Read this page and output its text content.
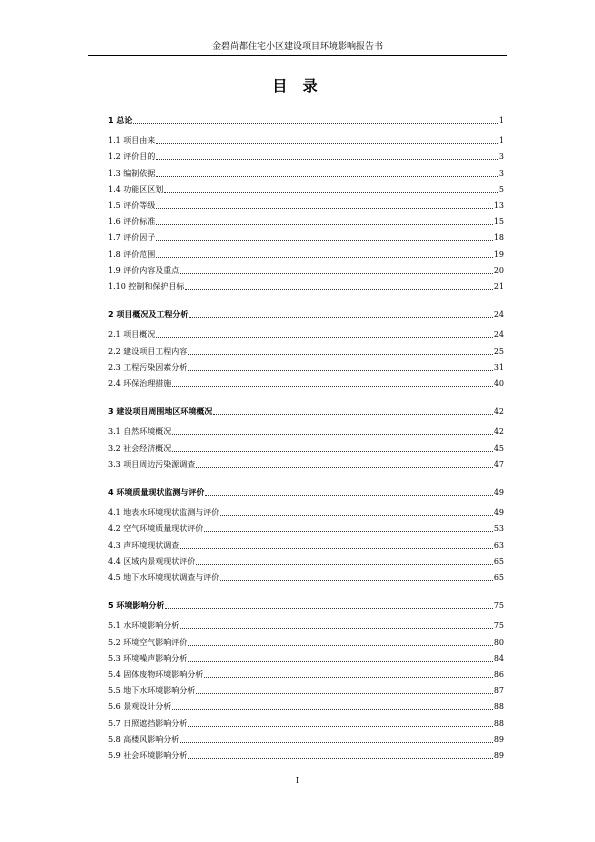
金碧尚都住宅小区建设项目环境影响报告书
目 录
1 总论	1
1.1 项目由来	1
1.2 评价目的	3
1.3 编制依据	3
1.4 功能区区划	5
1.5 评价等级	13
1.6 评价标准	15
1.7 评价因子	18
1.8 评价范围	19
1.9 评价内容及重点	20
1.10 控制和保护目标	21
2 项目概况及工程分析	24
2.1 项目概况	24
2.2 建设项目工程内容	25
2.3 工程污染因素分析	31
2.4 环保治理措施	40
3 建设项目周围地区环境概况	42
3.1 自然环境概况	42
3.2 社会经济概况	45
3.3 项目周边污染源调查	47
4 环境质量现状监测与评价	49
4.1 地表水环境现状监测与评价	49
4.2 空气环境质量现状评价	53
4.3 声环境现状调查	63
4.4 区域内景观现状评价	65
4.5 地下水环境现状调查与评价	65
5 环境影响分析	75
5.1 水环境影响分析	75
5.2 环境空气影响评价	80
5.3 环境噪声影响分析	84
5.4 固体废物环境影响分析	86
5.5 地下水环境影响分析	87
5.6 景观设计分析	88
5.7 日照遮挡影响分析	88
5.8 高楼风影响分析	89
5.9 社会环境影响分析	89
I
